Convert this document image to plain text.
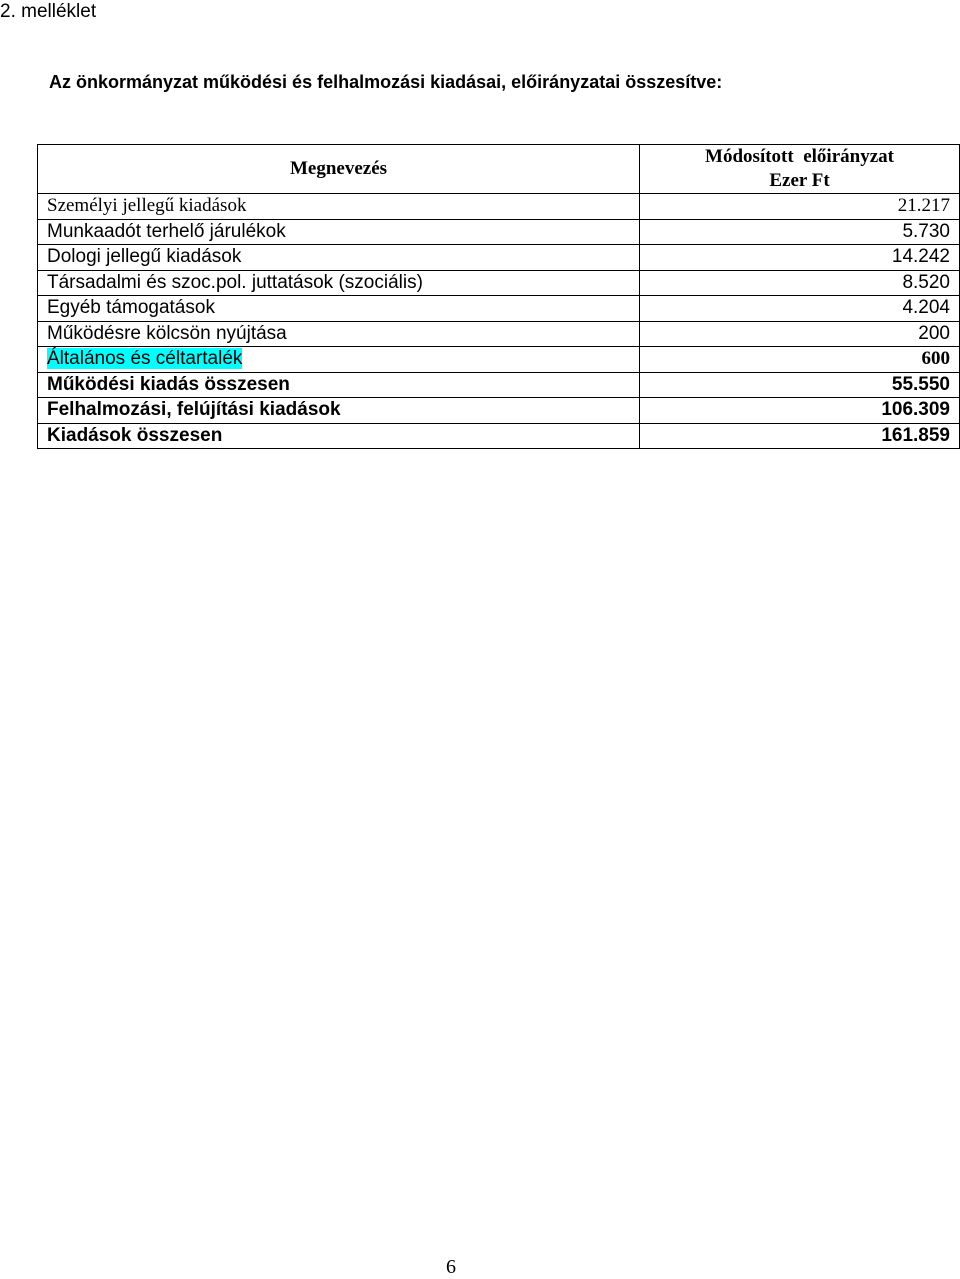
2. melléklet
Az önkormányzat működési és felhalmozási kiadásai, előirányzatai összesítve:
Megnevezés	Módosított  előirányzat
Ezer Ft

Személyi jellegű kiadások	21.217
Munkaadót terhelő járulékok	5.730
Dologi jellegű kiadások	14.242
Társadalmi és szoc.pol. juttatások (szociális)	8.520
Egyéb támogatások	4.204
Működésre kölcsön nyújtása	200
Általános és céltartalék	600
Működési kiadás összesen	55.550
Felhalmozási, felújítási kiadások	106.309
Kiadások összesen	161.859
6
